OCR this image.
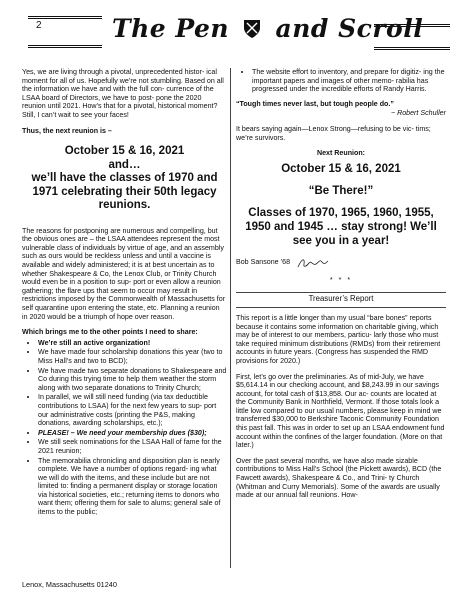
2	The Pen and Scroll

Yes, we are living through a pivotal, unprecedented histor- ical moment for all of us. Hopefully we’re not stumbling. Based on all the information we have and with the full con- currence of the LSAA board of Directors, we have to post- pone the 2020 reunion until 2021. How’s that for a pivotal, historical moment? Still, I can’t wait to see your faces!

Thus, the next reunion is –

October 15 & 16, 2021
and…
we’ll have the classes of 1970 and 1971 celebrating their 50th legacy reunions.

The reasons for postponing are numerous and compelling, but the obvious ones are – the LSAA attendees represent the most vulnerable class of individuals by virtue of age, and an assembly such as ours would be reckless unless and until a vaccine is available and widely administered; it is at best uncertain as to whether Shakespeare & Co, the Lenox Club, or Trinity Church would even be in a position to sup- port or even allow a reunion gathering; the flare ups that seem to occur may result in restrictions imposed by the Commonwealth of Massachusetts for self quarantine upon entering the state, etc. Planning a reunion in 2020 would be a triumph of hope over reason.

Which brings me to the other points I need to share:

• We’re still an active organization!
• We have made four scholarship donations this year (two to Miss Hall’s and two to BCD);
• We have made two separate donations to Shakespeare and Co during this trying time to help them weather the storm along with two separate donations to Trinity Church;
• In parallel, we will still need funding (via tax deductible contributions to LSAA) for the next few years to sup- port our administrative costs (printing the P&S, making donations, awarding scholarships, etc.);
• PLEASE! – We need your membership dues ($30);
• We still seek nominations for the LSAA Hall of fame for the 2021 reunion;
• The memorabilia chronicling and disposition plan is nearly complete. We have a number of options regard- ing what we will do with the items, and these include but are not limited to: finding a permanent display or storage location via historical societies, etc.; returning items to donors who want them; offering them for sale to alums; general sale of items to the public;
• The website effort to inventory, and prepare for digitiz- ing the important papers and images of other memo- rabilia has progressed under the incredible efforts of Randy Harris.

“Tough times never last, but tough people do.”

~ Robert Schuller

It bears saying again—Lenox Strong—refusing to be vic- tims; we’re survivors.

Next Reunion:

October 15 & 16, 2021
“Be There!”
Classes of 1970, 1965, 1960, 1955, 1950 and 1945 … stay strong! We’ll see you in a year!
Bob Sansone ’68
* * *
Treasurer’s Report

This report is a little longer than my usual “bare bones” reports because it contains some information on charitable giving, which may be of interest to our members, particu- larly those who must take required minimum distributions (RMDs) from their retirement accounts in future years. (Congress has suspended the RMD provisions for 2020.)

First, let’s go over the preliminaries. As of mid-July, we have $5,614.14 in our checking account, and $8,243.99 in our savings account, for total cash of $13,858. Our ac- counts are located at the Community Bank in Northfield, Vermont. If those totals look a little low compared to our usual numbers, please keep in mind we transferred $30,000 to Berkshire Taconic Community Foundation this past fall. This was in order to set up an LSAA endowment fund account within the confines of the larger foundation. (More on that later.)

Over the past several months, we have also made sizable contributions to Miss Hall’s School (the Pickett awards), BCD (the Fawcett awards), Shakespeare & Co., and Trini- ty Church (Whitman and Curry Memorials). Some of the awards are usually made at our annual fall reunions. How-

Lenox, Massachusetts 01240
